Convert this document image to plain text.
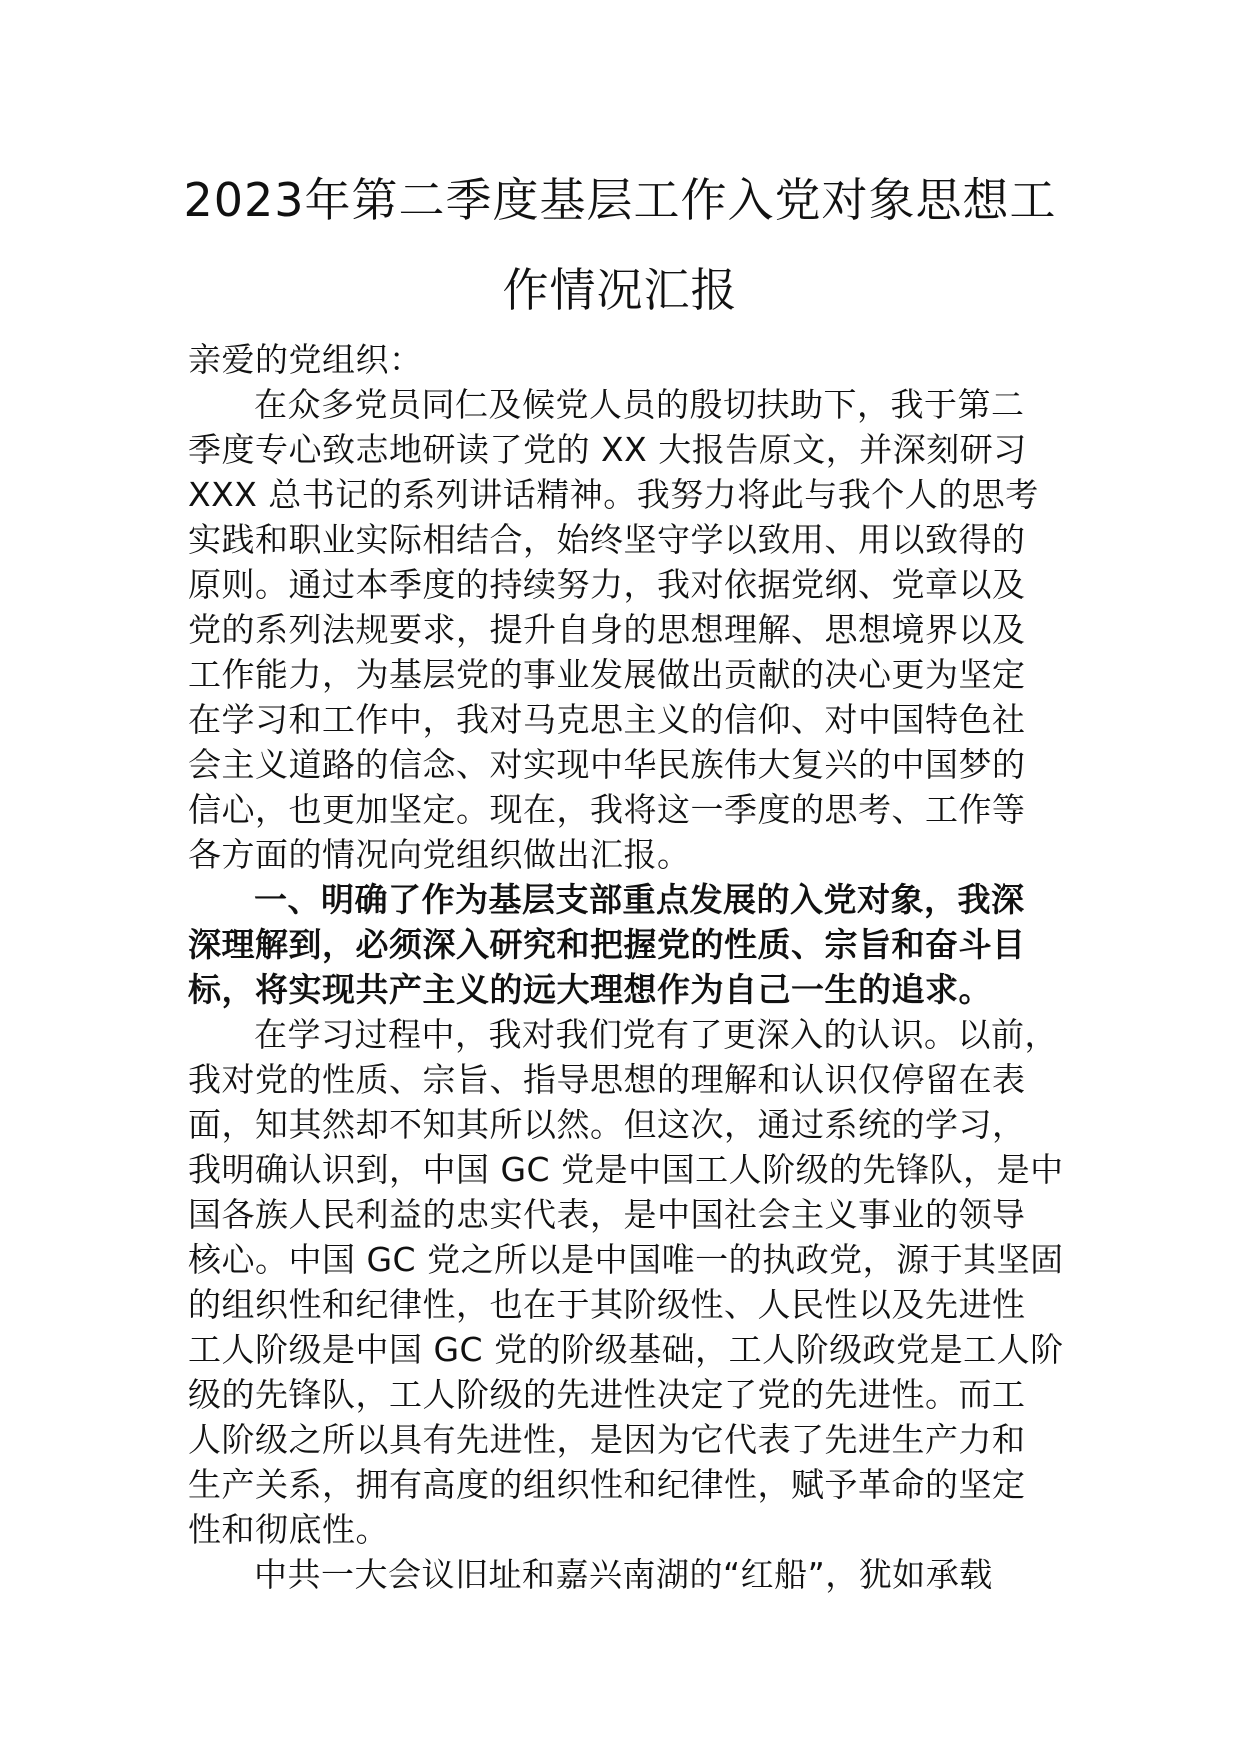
2023年第二季度基层工作入党对象思想工
作情况汇报
亲爱的党组织：
在众多党员同仁及候党人员的殷切扶助下，我于第二
季度专心致志地研读了党的 XX 大报告原文，并深刻研习
XXX 总书记的系列讲话精神。我努力将此与我个人的思考
实践和职业实际相结合，始终坚守学以致用、用以致得的
原则。通过本季度的持续努力，我对依据党纲、党章以及
党的系列法规要求，提升自身的思想理解、思想境界以及
工作能力，为基层党的事业发展做出贡献的决心更为坚定
在学习和工作中，我对马克思主义的信仰、对中国特色社
会主义道路的信念、对实现中华民族伟大复兴的中国梦的
信心，也更加坚定。现在，我将这一季度的思考、工作等
各方面的情况向党组织做出汇报。
一、明确了作为基层支部重点发展的入党对象，我深
深理解到，必须深入研究和把握党的性质、宗旨和奋斗目
标，将实现共产主义的远大理想作为自己一生的追求。
在学习过程中，我对我们党有了更深入的认识。以前，
我对党的性质、宗旨、指导思想的理解和认识仅停留在表
面，知其然却不知其所以然。但这次，通过系统的学习，
我明确认识到，中国 GC 党是中国工人阶级的先锋队，是中
国各族人民利益的忠实代表，是中国社会主义事业的领导
核心。中国 GC 党之所以是中国唯一的执政党，源于其坚固
的组织性和纪律性，也在于其阶级性、人民性以及先进性
工人阶级是中国 GC 党的阶级基础，工人阶级政党是工人阶
级的先锋队，工人阶级的先进性决定了党的先进性。而工
人阶级之所以具有先进性，是因为它代表了先进生产力和
生产关系，拥有高度的组织性和纪律性，赋予革命的坚定
性和彻底性。
中共一大会议旧址和嘉兴南湖的“红船”，犹如承载
